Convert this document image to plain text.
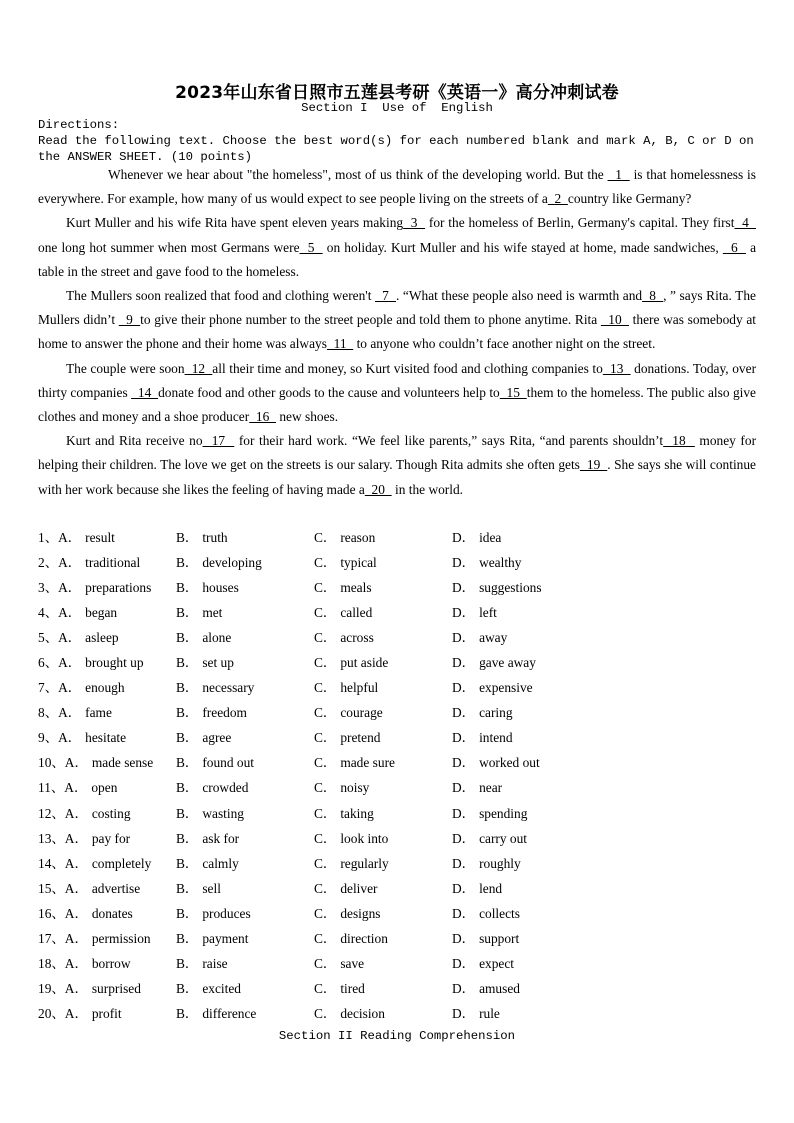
2023年山东省日照市五莲县考研《英语一》高分冲刺试卷
Section I  Use of  English
Directions:
Read the following text. Choose the best word(s) for each numbered blank and mark A, B, C or D on the ANSWER SHEET. (10 points)

Whenever we hear about "the homeless", most of us think of the developing world. But the   1   is that homelessness is everywhere. For example, how many of us would expect to see people living on the streets of a  2  country like Germany?

Kurt Muller and his wife Rita have spent eleven years making  3   for the homeless of Berlin, Germany's capital. They first  4   one long hot summer when most Germans were  5   on holiday. Kurt Muller and his wife stayed at home, made sandwiches,   6   a table in the street and gave food to the homeless.

The Mullers soon realized that food and clothing weren't   7  . “What these people also need is warmth and  8  , ” says Rita. The Mullers didn’t   9  to give their phone number to the street people and told them to phone anytime. Rita   10   there was somebody at home to answer the phone and their home was always  11   to anyone who couldn’t face another night on the street.

The couple were soon  12  all their time and money, so Kurt visited food and clothing companies to  13   donations. Today, over thirty companies   14  donate food and other goods to the cause and volunteers help to  15  them to the homeless. The public also give clothes and money and a shoe producer  16   new shoes.

Kurt and Rita receive no  17   for their hard work. “We feel like parents,” says Rita, “and parents shouldn’t  18   money for helping their children. The love we get on the streets is our salary. Though Rita admits she often gets  19  . She says she will continue with her work because she likes the feeling of having made a  20   in the world.

1、A． result	B． truth	C． reason	D． idea
2、A． traditional	B． developing	C． typical	D． wealthy
3、A． preparations B． houses	C． meals	D． suggestions
4、A． began	B． met	C． called	D． left
5、A． asleep	B． alone	C． across	D． away
6、A． brought up B． set up	C． put aside	D． gave away
7、A． enough	B． necessary	C． helpful	D． expensive
8、A． fame	B． freedom	C． courage	D． caring
9、A． hesitate	B． agree	C． pretend	D． intend
10、A． made sense B． found out	C． made sure	D． worked out
11、A． open	B． crowded	C． noisy	D． near
12、A． costing	B． wasting	C． taking	D． spending
13、A． pay for	B． ask for	C． look into	D． carry out
14、A． completely B． calmly	C． regularly	D． roughly
15、A． advertise	B． sell	C． deliver	D． lend
16、A． donates	B． produces	C． designs	D． collects
17、A． permission B． payment	C． direction	D． support
18、A． borrow	B． raise	C． save	D． expect
19、A． surprised	B． excited	C． tired	D． amused
20、A． profit	B． difference	C． decision	D． rule
Section II Reading Comprehension
